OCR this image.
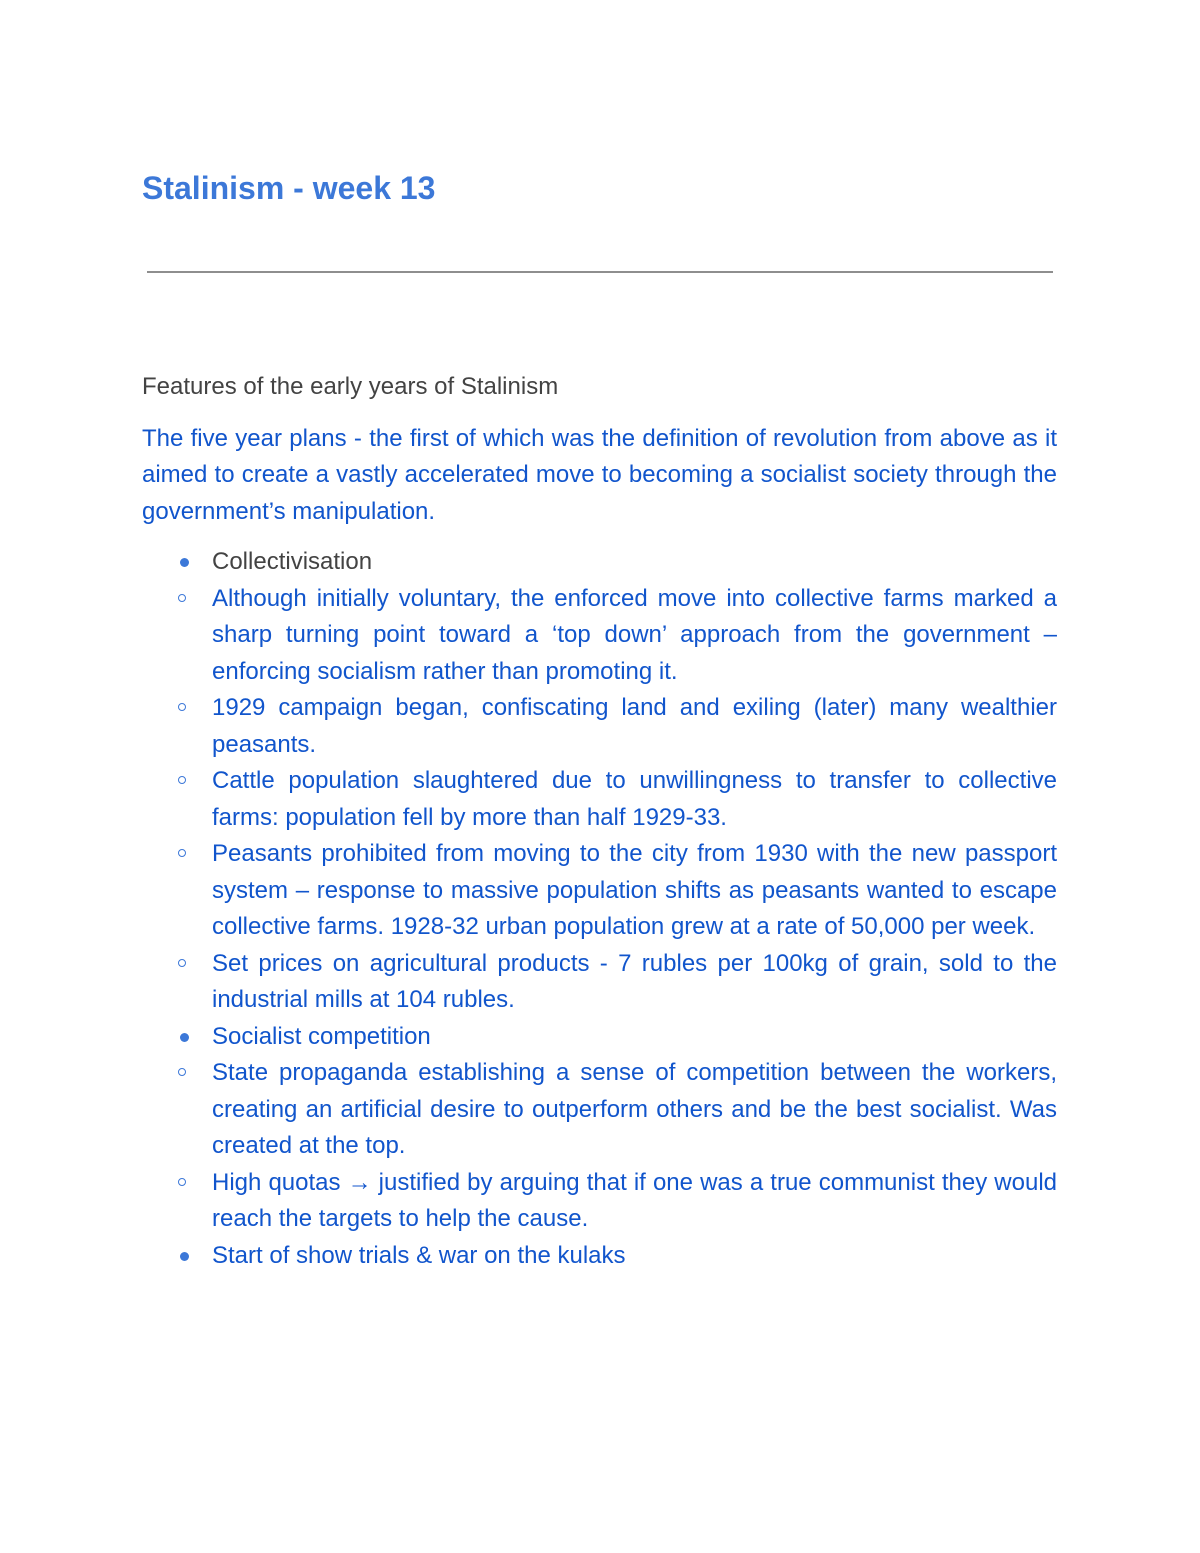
Stalinism - week 13

Features of the early years of Stalinism

The five year plans - the first of which was the definition of revolution from above as it aimed to create a vastly accelerated move to becoming a socialist society through the government’s manipulation.

Collectivisation
Although initially voluntary, the enforced move into collective farms marked a sharp turning point toward a ‘top down’ approach from the government – enforcing socialism rather than promoting it.
1929 campaign began, confiscating land and exiling (later) many wealthier peasants.
Cattle population slaughtered due to unwillingness to transfer to collective farms: population fell by more than half 1929-33.
Peasants prohibited from moving to the city from 1930 with the new passport system – response to massive population shifts as peasants wanted to escape collective farms. 1928-32 urban population grew at a rate of 50,000 per week.
Set prices on agricultural products - 7 rubles per 100kg of grain, sold to the industrial mills at 104 rubles.
Socialist competition
State propaganda establishing a sense of competition between the workers, creating an artificial desire to outperform others and be the best socialist. Was created at the top.
High quotas → justified by arguing that if one was a true communist they would reach the targets to help the cause.
Start of show trials & war on the kulaks
